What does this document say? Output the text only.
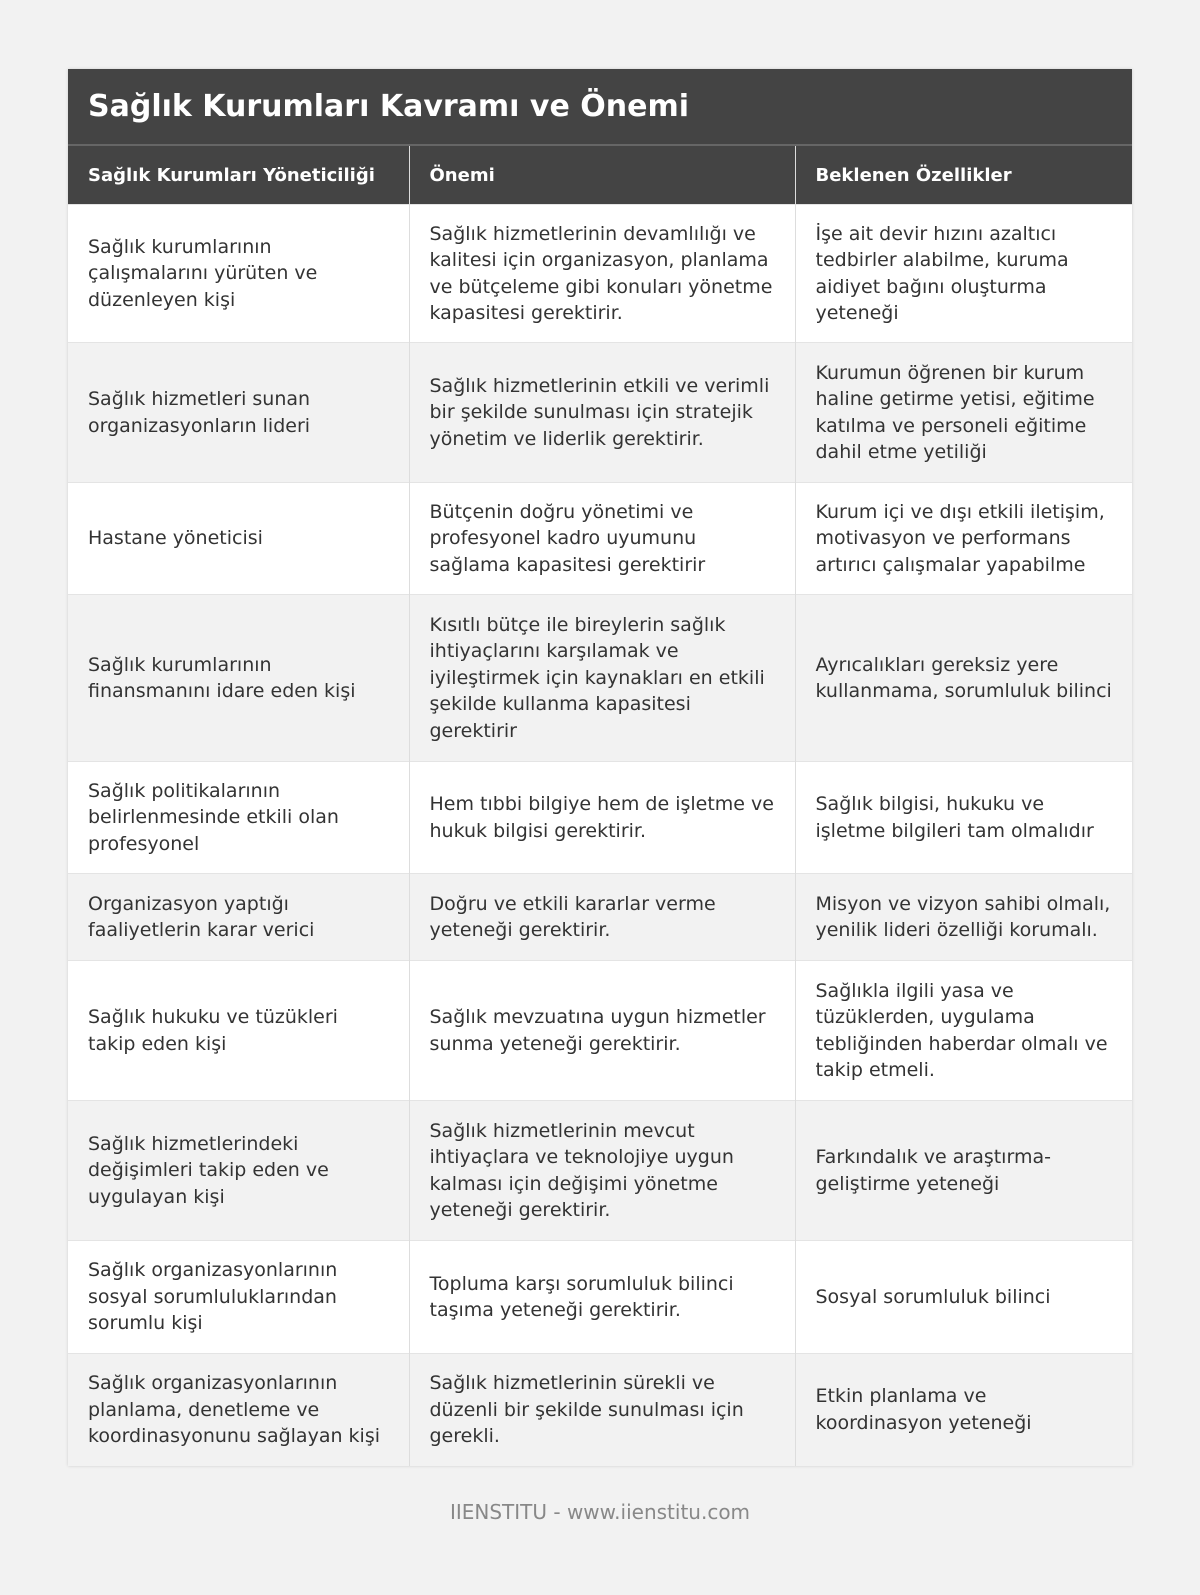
Sağlık Kurumları Kavramı ve Önemi
Sağlık Kurumları Yöneticiliği	Önemi	Beklenen Özellikler
Sağlık kurumlarının çalışmalarını yürüten ve düzenleyen kişi	Sağlık hizmetlerinin devamlılığı ve kalitesi için organizasyon, planlama ve bütçeleme gibi konuları yönetme kapasitesi gerektirir.	İşe ait devir hızını azaltıcı tedbirler alabilme, kuruma aidiyet bağını oluşturma yeteneği
Sağlık hizmetleri sunan organizasyonların lideri	Sağlık hizmetlerinin etkili ve verimli bir şekilde sunulması için stratejik yönetim ve liderlik gerektirir.	Kurumun öğrenen bir kurum haline getirme yetisi, eğitime katılma ve personeli eğitime dahil etme yetiliği
Hastane yöneticisi	Bütçenin doğru yönetimi ve profesyonel kadro uyumunu sağlama kapasitesi gerektirir	Kurum içi ve dışı etkili iletişim, motivasyon ve performans artırıcı çalışmalar yapabilme
Sağlık kurumlarının finansmanını idare eden kişi	Kısıtlı bütçe ile bireylerin sağlık ihtiyaçlarını karşılamak ve iyileştirmek için kaynakları en etkili şekilde kullanma kapasitesi gerektirir	Ayrıcalıkları gereksiz yere kullanmama, sorumluluk bilinci
Sağlık politikalarının belirlenmesinde etkili olan profesyonel	Hem tıbbi bilgiye hem de işletme ve hukuk bilgisi gerektirir.	Sağlık bilgisi, hukuku ve işletme bilgileri tam olmalıdır
Organizasyon yaptığı faaliyetlerin karar verici	Doğru ve etkili kararlar verme yeteneği gerektirir.	Misyon ve vizyon sahibi olmalı, yenilik lideri özelliği korumalı.
Sağlık hukuku ve tüzükleri takip eden kişi	Sağlık mevzuatına uygun hizmetler sunma yeteneği gerektirir.	Sağlıkla ilgili yasa ve tüzüklerden, uygulama tebliğinden haberdar olmalı ve takip etmeli.
Sağlık hizmetlerindeki değişimleri takip eden ve uygulayan kişi	Sağlık hizmetlerinin mevcut ihtiyaçlara ve teknolojiye uygun kalması için değişimi yönetme yeteneği gerektirir.	Farkındalık ve araştırma-geliştirme yeteneği
Sağlık organizasyonlarının sosyal sorumluluklarından sorumlu kişi	Topluma karşı sorumluluk bilinci taşıma yeteneği gerektirir.	Sosyal sorumluluk bilinci
Sağlık organizasyonlarının planlama, denetleme ve koordinasyonunu sağlayan kişi	Sağlık hizmetlerinin sürekli ve düzenli bir şekilde sunulması için gerekli.	Etkin planlama ve koordinasyon yeteneği
IIENSTITU - www.iienstitu.com
